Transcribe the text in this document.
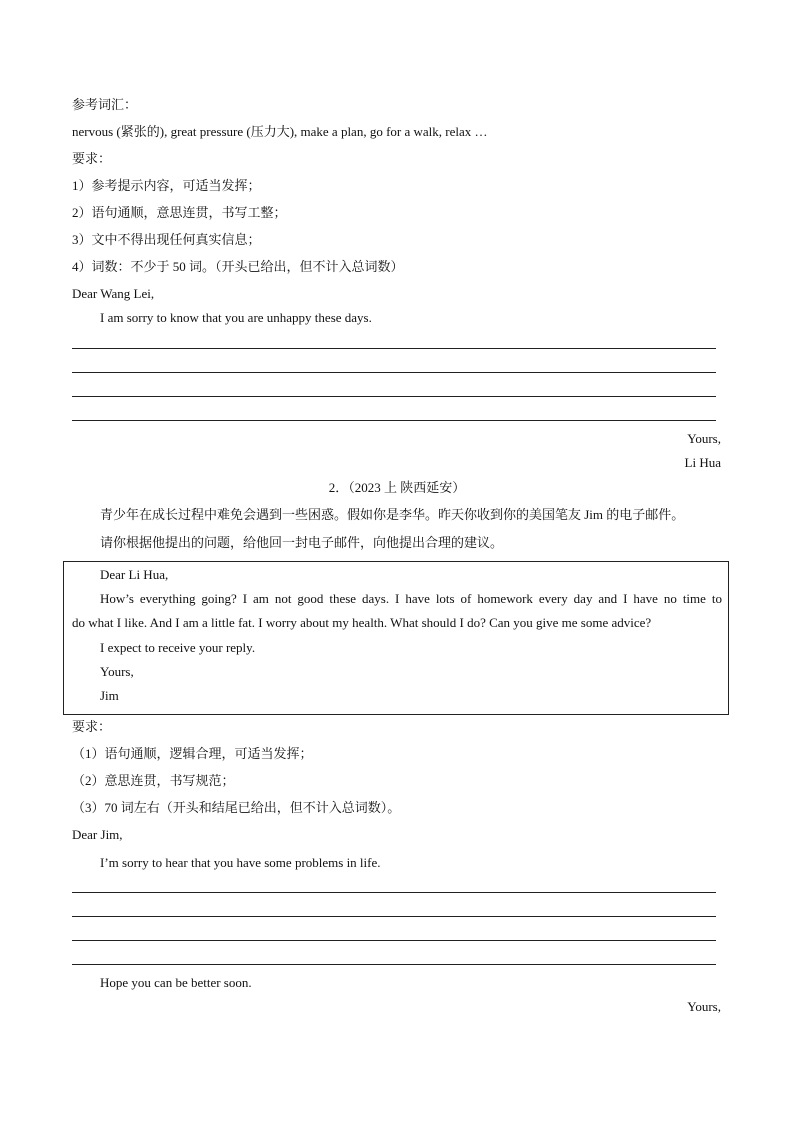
参考词汇：
nervous (紧张的), great pressure (压力大), make a plan, go for a walk, relax …
要求：
1）参考提示内容，可适当发挥；
2）语句通顺，意思连贯，书写工整；
3）文中不得出现任何真实信息；
4）词数：不少于 50 词。（开头已给出，但不计入总词数）
Dear Wang Lei,
I am sorry to know that you are unhappy these days.
Yours,
Li Hua
2．（2023 上 陕西延安）
青少年在成长过程中难免会遇到一些困惑。假如你是李华。昨天你收到你的美国笔友 Jim 的电子邮件。
请你根据他提出的问题，给他回一封电子邮件，向他提出合理的建议。
Dear Li Hua,
How’s everything going? I am not good these days. I have lots of homework every day and I have no time to
do what I like. And I am a little fat. I worry about my health. What should I do? Can you give me some advice?
I expect to receive your reply.
Yours,
Jim
要求：
（1）语句通顺，逻辑合理，可适当发挥；
（2）意思连贯，书写规范；
（3）70 词左右（开头和结尾已给出，但不计入总词数）。
Dear Jim,
I’m sorry to hear that you have some problems in life.
Hope you can be better soon.
Yours,
